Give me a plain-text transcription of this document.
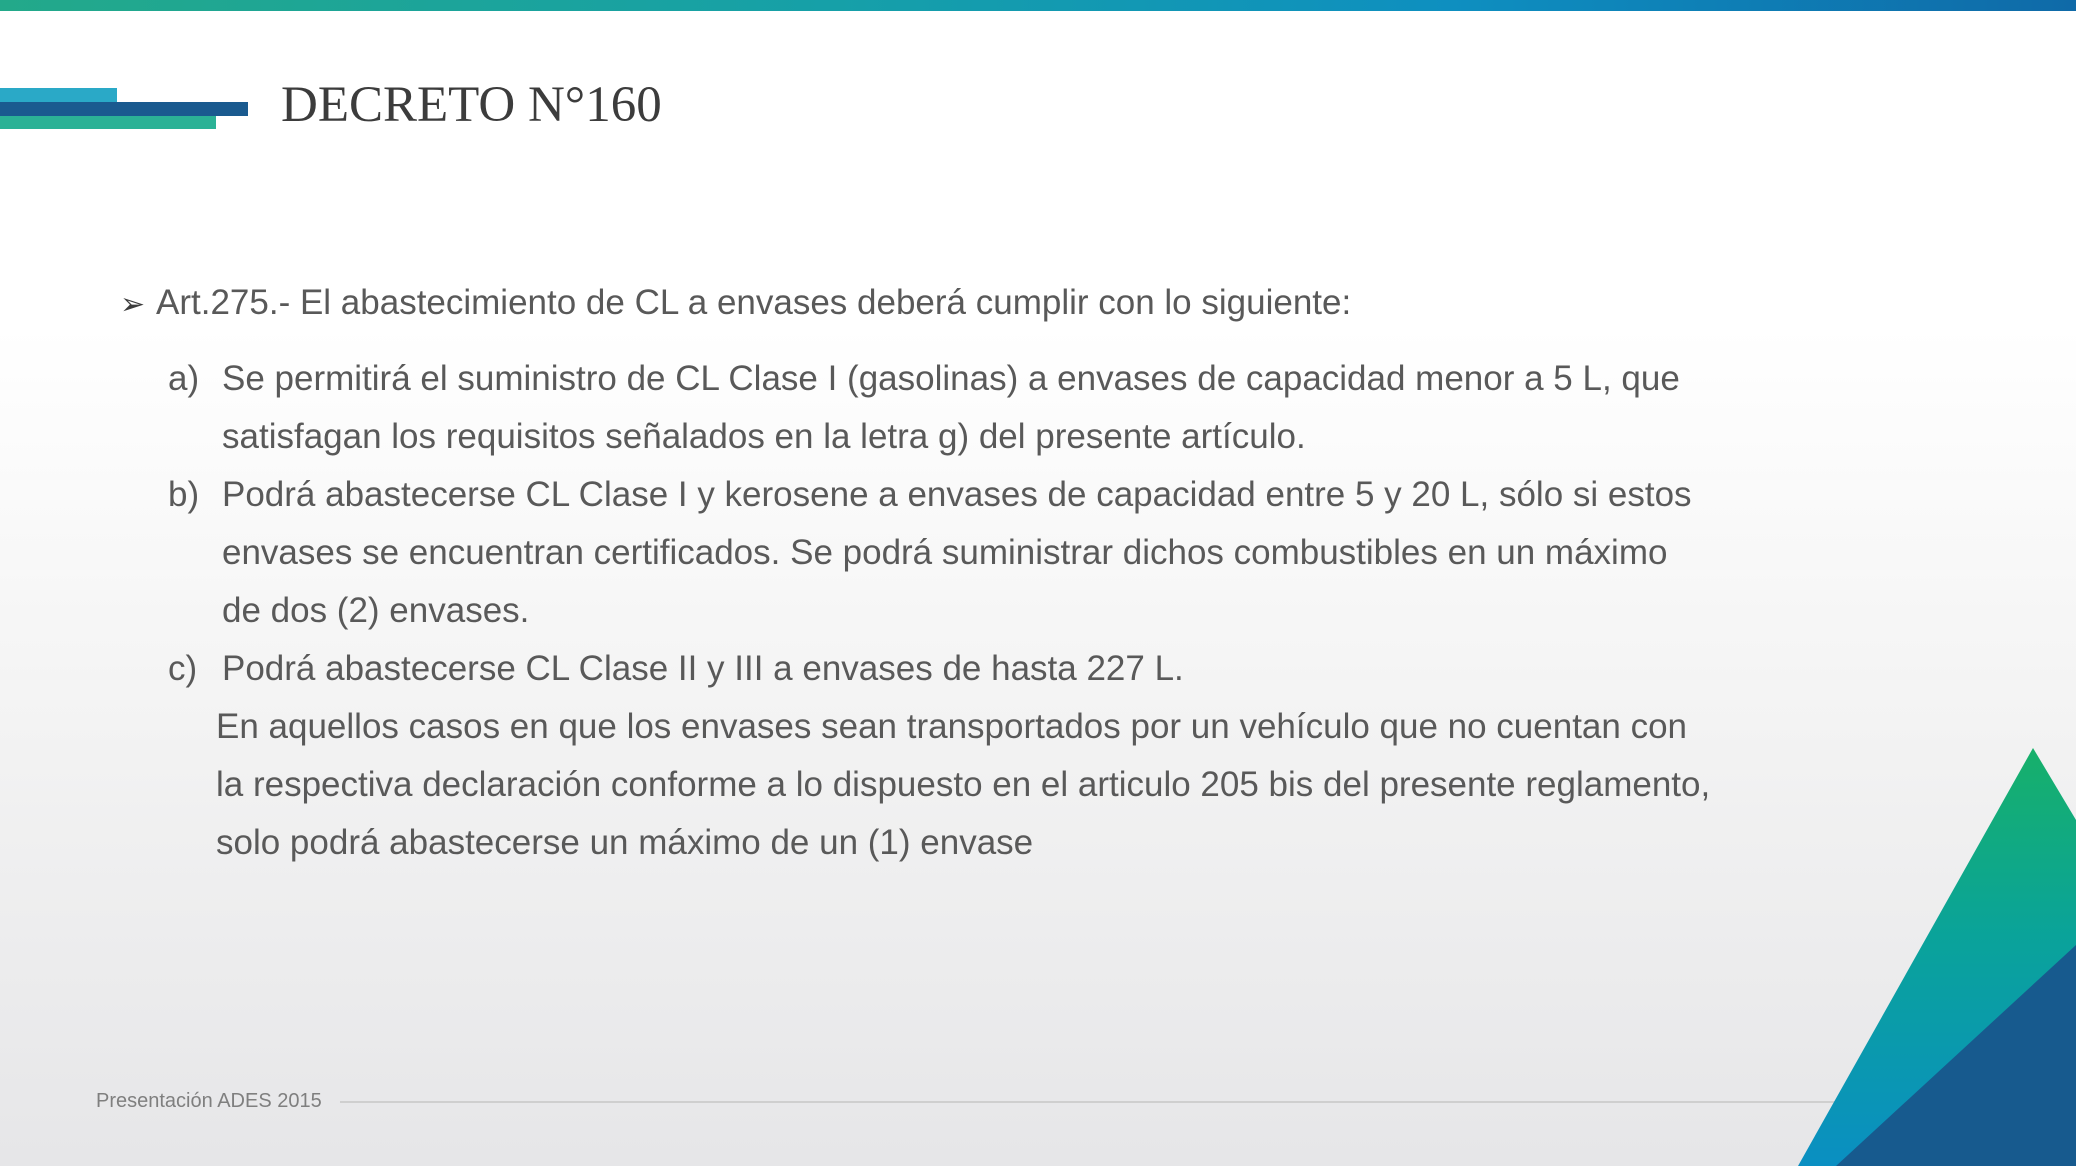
DECRETO N°160
➢ Art.275.- El abastecimiento de CL a envases deberá cumplir con lo siguiente:
a) Se permitirá el suministro de CL Clase I (gasolinas) a envases de capacidad menor a 5 L, que satisfagan los requisitos señalados en la letra g) del presente artículo.
b) Podrá abastecerse CL Clase I y kerosene a envases de capacidad entre 5 y 20 L, sólo si estos envases se encuentran certificados. Se podrá suministrar dichos combustibles en un máximo de dos (2) envases.
c) Podrá abastecerse CL Clase II y III a envases de hasta 227 L.
En aquellos casos en que los envases sean transportados por un vehículo que no cuentan con la respectiva declaración conforme a lo dispuesto en el articulo 205 bis del presente reglamento, solo podrá abastecerse un máximo de un (1) envase
Presentación ADES 2015
